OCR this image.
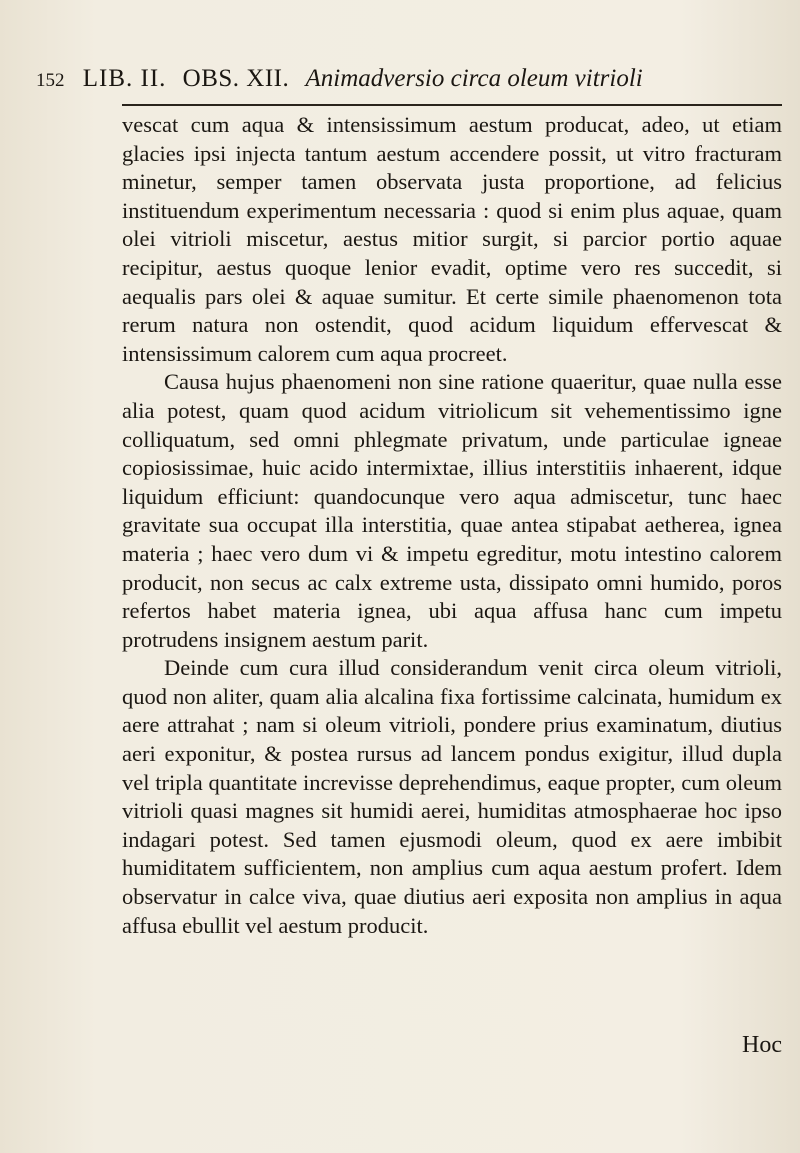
152 LIB. II. OBS. XII. Animadversio circa oleum vitrioli

vescat cum aqua & intensissimum aestum producat, adeo, ut etiam glacies ipsi injecta tantum aestum accendere possit, ut vitro fracturam minetur, semper tamen observata justa proportione, ad felicius instituendum experimentum necessaria : quod si enim plus aquae, quam olei vitrioli miscetur, aestus mitior surgit, si parcior portio aquae recipitur, aestus quoque lenior evadit, optime vero res succedit, si aequalis pars olei & aquae sumitur. Et certe simile phaenomenon tota rerum natura non ostendit, quod acidum liquidum effervescat & intensissimum calorem cum aqua procreet.

Causa hujus phaenomeni non sine ratione quaeritur, quae nulla esse alia potest, quam quod acidum vitriolicum sit vehementissimo igne colliquatum, sed omni phlegmate privatum, unde particulae igneae copiosissimae, huic acido intermixtae, illius interstitiis inhaerent, idque liquidum efficiunt: quandocunque vero aqua admiscetur, tunc haec gravitate sua occupat illa interstitia, quae antea stipabat aetherea, ignea materia ; haec vero dum vi & impetu egreditur, motu intestino calorem producit, non secus ac calx extreme usta, dissipato omni humido, poros refertos habet materia ignea, ubi aqua affusa hanc cum impetu protrudens insignem aestum parit.

Deinde cum cura illud considerandum venit circa oleum vitrioli, quod non aliter, quam alia alcalina fixa fortissime calcinata, humidum ex aere attrahat ; nam si oleum vitrioli, pondere prius examinatum, diutius aeri exponitur, & postea rursus ad lancem pondus exigitur, illud dupla vel tripla quantitate increvisse deprehendimus, eaque propter, cum oleum vitrioli quasi magnes sit humidi aerei, humiditas atmosphaerae hoc ipso indagari potest. Sed tamen ejusmodi oleum, quod ex aere imbibit humiditatem sufficientem, non amplius cum aqua aestum profert. Idem observatur in calce viva, quae diutius aeri exposita non amplius in aqua affusa ebullit vel aestum producit.

Hoc
